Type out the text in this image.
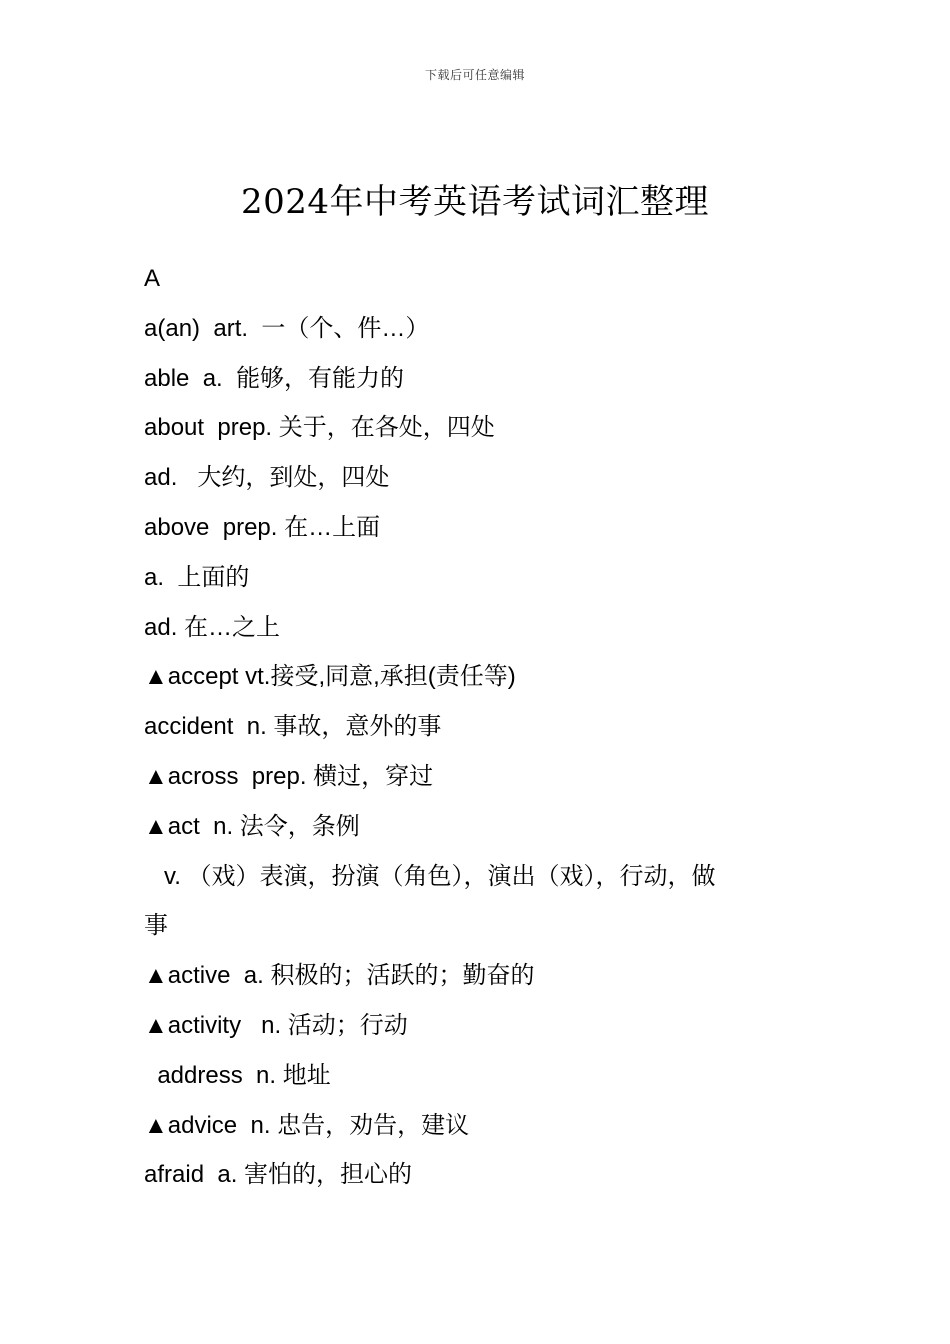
下载后可任意编辑
2024年中考英语考试词汇整理
A
a(an)  art.  一（个、件…）
able  a.  能够，有能力的
about  prep. 关于，在各处，四处
ad.   大约，到处，四处
above  prep. 在…上面
a.  上面的
ad. 在…之上
▲accept vt.接受,同意,承担(责任等)
accident  n. 事故，意外的事
▲across  prep. 横过，穿过
▲act  n. 法令，条例
v. （戏）表演，扮演（角色），演出（戏），行动，做
事
▲active  a. 积极的；活跃的；勤奋的
▲activity   n. 活动；行动
address  n. 地址
▲advice  n. 忠告，劝告，建议
afraid  a. 害怕的，担心的
